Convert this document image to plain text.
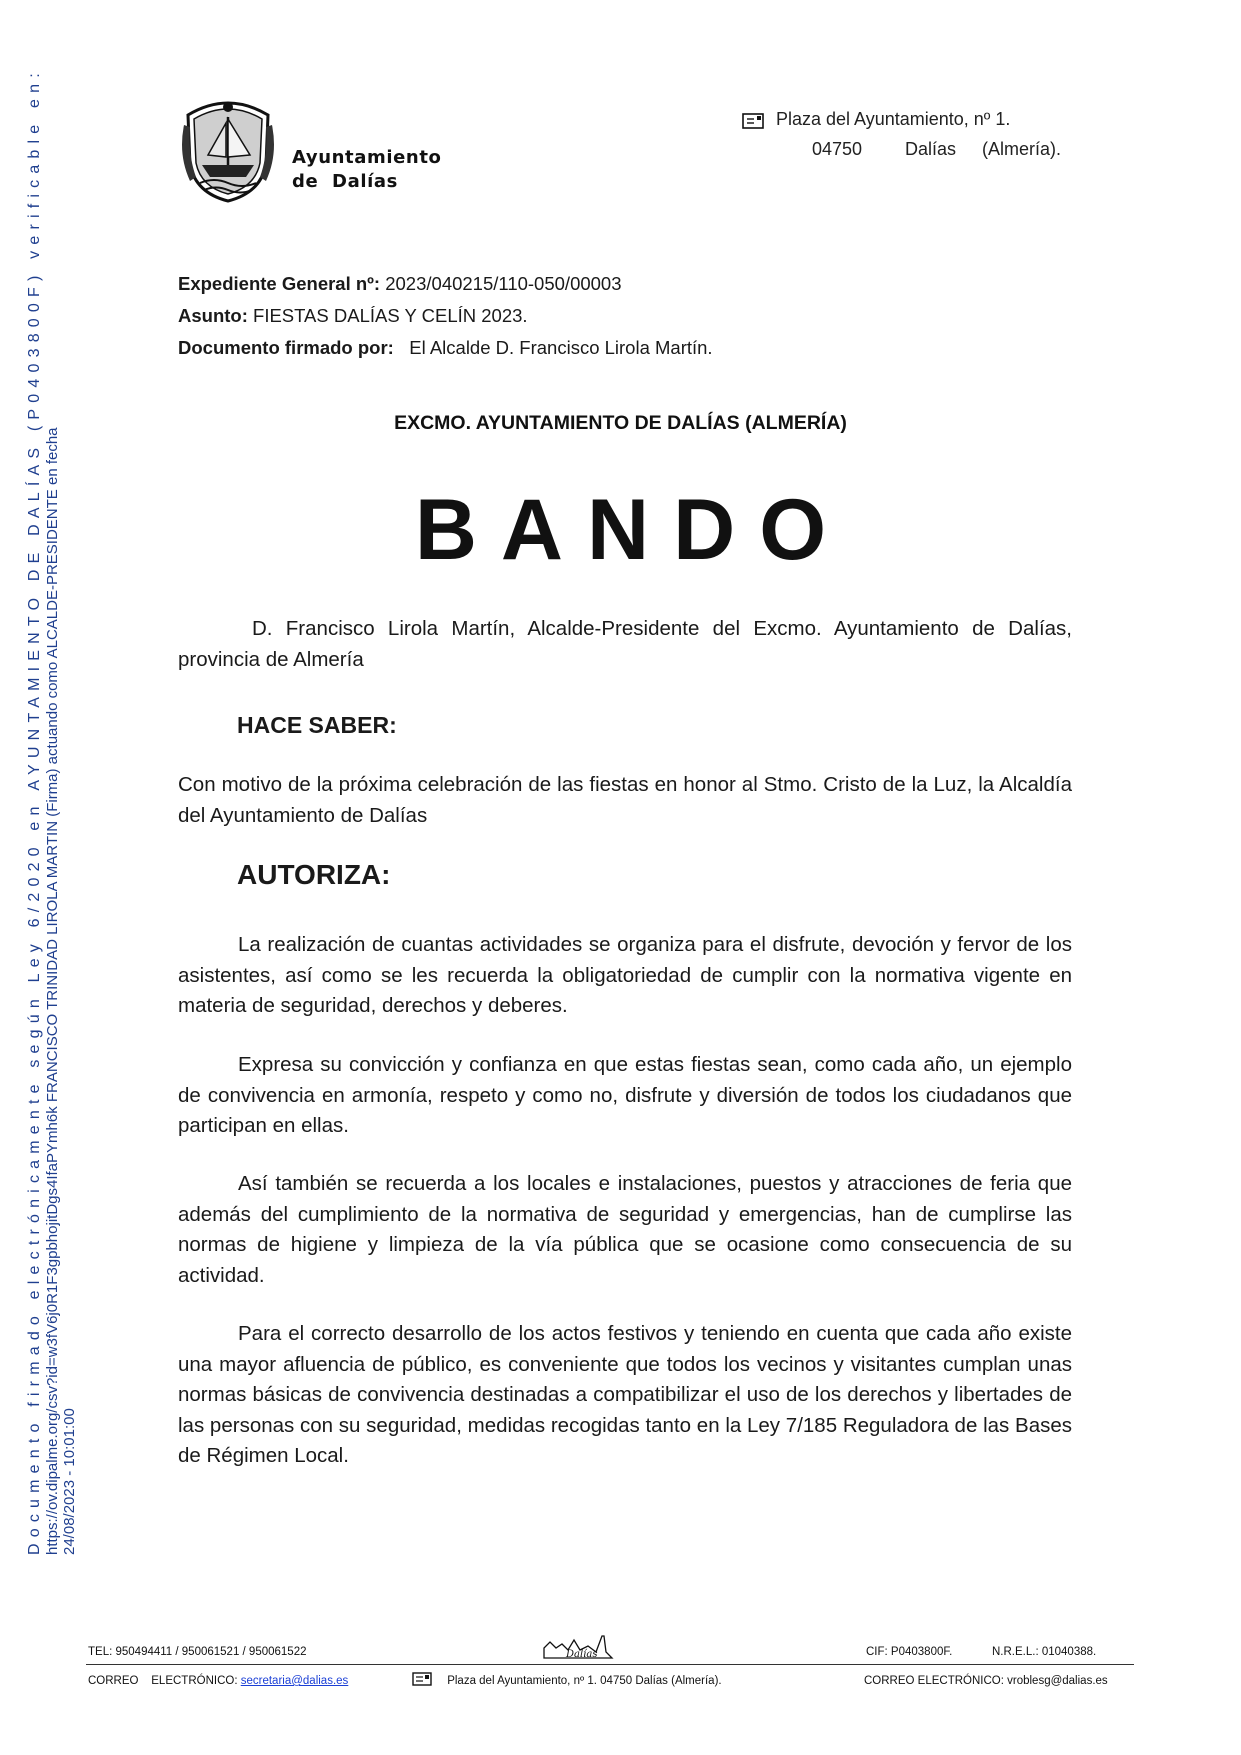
Documento firmado electrónicamente según Ley 6/2020 en AYUNTAMIENTO DE DALÍAS (P0403800F) verificable en: https://ov.dipalme.org/csv?id=w3fV6j0R1F3gpbhojitDgs4IfaPYmh6k FRANCISCO TRINIDAD LIROLA MARTIN (Firma) actuando como ALCALDE-PRESIDENTE en fecha 24/08/2023 - 10:01:00
Ayuntamiento
de  Dalías
Plaza del Ayuntamiento, nº 1.
04750 Dalías (Almería).
Expediente General nº: 2023/040215/110-050/00003
Asunto: FIESTAS DALÍAS Y CELÍN 2023.
Documento firmado por: El Alcalde D. Francisco Lirola Martín.
EXCMO. AYUNTAMIENTO DE DALÍAS (ALMERÍA)
BANDO
D. Francisco Lirola Martín, Alcalde-Presidente del Excmo. Ayuntamiento de Dalías, provincia de Almería
HACE SABER:
Con motivo de la próxima celebración de las fiestas en honor al Stmo. Cristo de la Luz, la Alcaldía del Ayuntamiento de Dalías
AUTORIZA:
La realización de cuantas actividades se organiza para el disfrute, devoción y fervor de los asistentes, así como se les recuerda la obligatoriedad de cumplir con la normativa vigente en materia de seguridad, derechos y deberes.
Expresa su convicción y confianza en que estas fiestas sean, como cada año, un ejemplo de convivencia en armonía, respeto y como no, disfrute y diversión de todos los ciudadanos que participan en ellas.
Así también se recuerda a los locales e instalaciones, puestos y atracciones de feria que además del cumplimiento de la normativa de seguridad y emergencias, han de cumplirse las normas de higiene y limpieza de la vía pública que se ocasione como consecuencia de su actividad.
Para el correcto desarrollo de los actos festivos y teniendo en cuenta que cada año existe una mayor afluencia de público, es conveniente que todos los vecinos y visitantes cumplan unas normas básicas de convivencia destinadas a compatibilizar el uso de los derechos y libertades de las personas con su seguridad, medidas recogidas tanto en la Ley 7/185 Reguladora de las Bases de Régimen Local.
TEL: 950494411 / 950061521 / 950061522	Dalías	CIF: P0403800F.	N.R.E.L.: 01040388.
CORREO    ELECTRÓNICO: secretaria@dalias.es	Plaza del Ayuntamiento, nº 1. 04750 Dalías (Almería).	CORREO ELECTRÓNICO: vroblesg@dalias.es
